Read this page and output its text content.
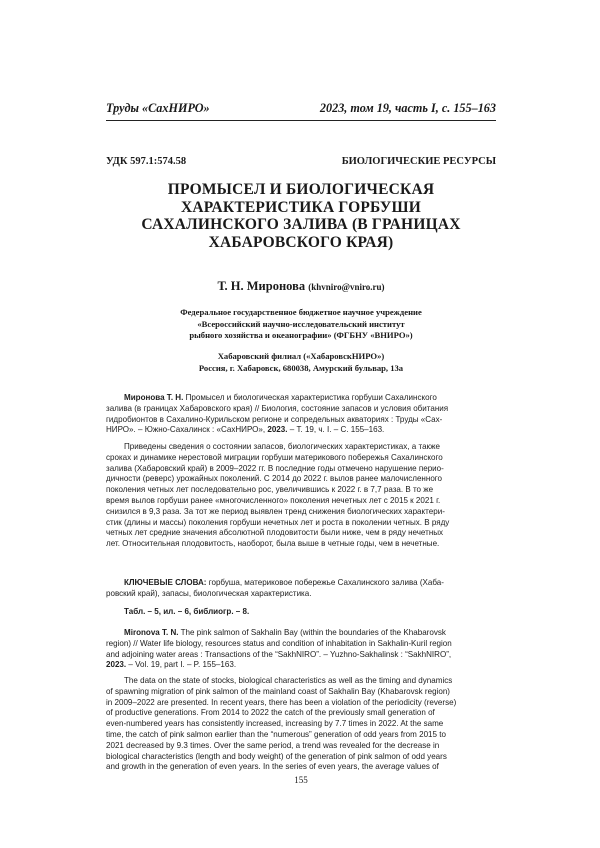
Труды «СахНИРО»	2023, том 19, часть I, с. 155–163
УДК 597.1:574.58	БИОЛОГИЧЕСКИЕ РЕСУРСЫ
ПРОМЫСЕЛ И БИОЛОГИЧЕСКАЯ
ХАРАКТЕРИСТИКА ГОРБУШИ
САХАЛИНСКОГО ЗАЛИВА (В ГРАНИЦАХ
ХАБАРОВСКОГО КРАЯ)
Т. Н. Миронова (khvniro@vniro.ru)
Федеральное государственное бюджетное научное учреждение
«Всероссийский научно-исследовательский институт
рыбного хозяйства и океанографии» (ФГБНУ «ВНИРО»)
Хабаровский филиал («ХабаровскНИРО»)
Россия, г. Хабаровск, 680038, Амурский бульвар, 13а
Миронова Т. Н. Промысел и биологическая характеристика горбуши Сахалинского
залива (в границах Хабаровского края) // Биология, состояние запасов и условия обитания
гидробионтов в Сахалино-Курильском регионе и сопредельных акваториях : Труды «Сах-
НИРО». – Южно-Сахалинск : «СахНИРО», 2023. – Т. 19, ч. I. – С. 155–163.
Приведены сведения о состоянии запасов, биологических характеристиках, а также
сроках и динамике нерестовой миграции горбуши материкового побережья Сахалинского
залива (Хабаровский край) в 2009–2022 гг. В последние годы отмечено нарушение перио-
дичности (реверс) урожайных поколений. С 2014 до 2022 г. вылов ранее малочисленного
поколения четных лет последовательно рос, увеличившись к 2022 г. в 7,7 раза. В то же
время вылов горбуши ранее «многочисленного» поколения нечетных лет с 2015 к 2021 г.
снизился в 9,3 раза. За тот же период выявлен тренд снижения биологических характери-
стик (длины и массы) поколения горбуши нечетных лет и роста в поколении четных. В ряду
четных лет средние значения абсолютной плодовитости были ниже, чем в ряду нечетных
лет. Относительная плодовитость, наоборот, была выше в четные годы, чем в нечетные.
КЛЮЧЕВЫЕ СЛОВА: горбуша, материковое побережье Сахалинского залива (Хаба-
ровский край), запасы, биологическая характеристика.
Табл. – 5, ил. – 6, библиогр. – 8.
Mironova T. N. The pink salmon of Sakhalin Bay (within the boundaries of the Khabarovsk
region) // Water life biology, resources status and condition of inhabitation in Sakhalin-Kuril region
and adjoining water areas : Transactions of the “SakhNIRO”. – Yuzhno-Sakhalinsk : “SakhNIRO”,
2023. – Vol. 19, part I. – P. 155–163.
The data on the state of stocks, biological characteristics as well as the timing and dynamics
of spawning migration of pink salmon of the mainland coast of Sakhalin Bay (Khabarovsk region)
in 2009–2022 are presented. In recent years, there has been a violation of the periodicity (reverse)
of productive generations. From 2014 to 2022 the catch of the previously small generation of
even-numbered years has consistently increased, increasing by 7.7 times in 2022. At the same
time, the catch of pink salmon earlier than the “numerous” generation of odd years from 2015 to
2021 decreased by 9.3 times. Over the same period, a trend was revealed for the decrease in
biological characteristics (length and body weight) of the generation of pink salmon of odd years
and growth in the generation of even years. In the series of even years, the average values of
155
